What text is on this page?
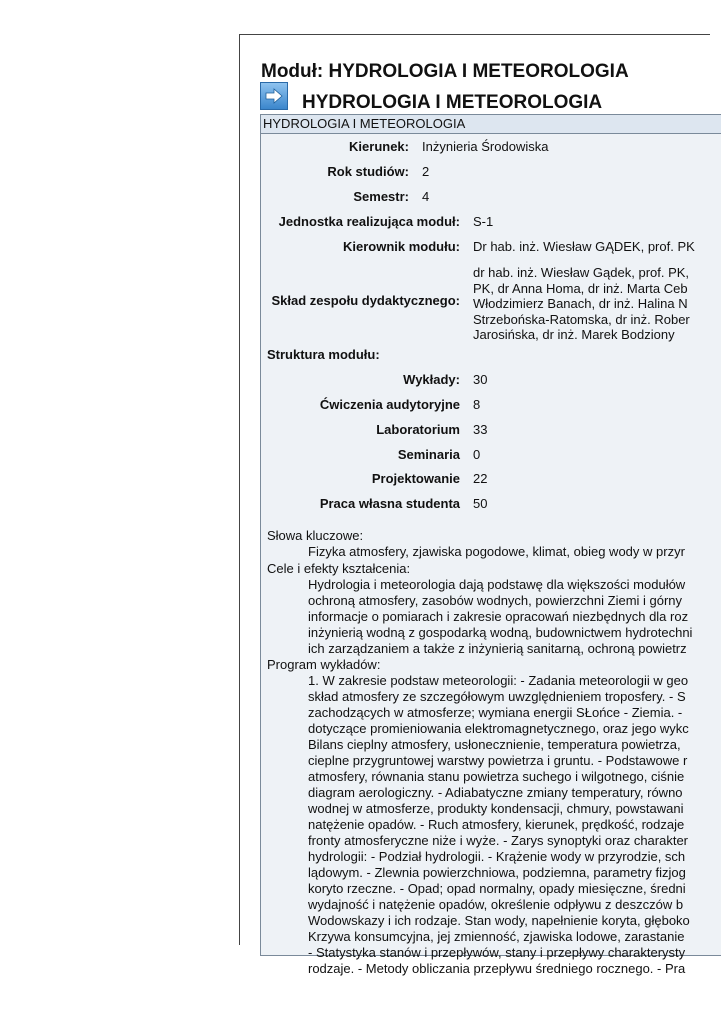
Moduł: HYDROLOGIA I METEOROLOGIA
HYDROLOGIA I METEOROLOGIA
HYDROLOGIA I METEOROLOGIA
Kierunek: Inżynieria Środowiska
Rok studiów: 2
Semestr: 4
Jednostka realizująca moduł: S-1
Kierownik modułu: Dr hab. inż. Wiesław GĄDEK, prof. PK
Skład zespołu dydaktycznego:
dr hab. inż. Wiesław Gądek, prof. PK,
PK, dr Anna Homa, dr inż. Marta Ceb
Włodzimierz Banach, dr inż. Halina N
Strzebońska-Ratomska, dr inż. Rober
Jarosińska, dr inż. Marek Bodziony
Struktura modułu:
Wykłady: 30
Ćwiczenia audytoryjne 8
Laboratorium 33
Seminaria 0
Projektowanie 22
Praca własna studenta 50
Słowa kluczowe:
Fizyka atmosfery, zjawiska pogodowe, klimat, obieg wody w przyr
Cele i efekty kształcenia:
Hydrologia i meteorologia dają podstawę dla większości modułów
ochroną atmosfery, zasobów wodnych, powierzchni Ziemi i górny
informacje o pomiarach i zakresie opracowań niezbędnych dla roz
inżynierią wodną z gospodarką wodną, budownictwem hydrotechni
ich zarządzaniem a także z inżynierią sanitarną, ochroną powietrz
Program wykładów:
1. W zakresie podstaw meteorologii: - Zadania meteorologii w geo
skład atmosfery ze szczegółowym uwzględnieniem troposfery. - S
zachodzących w atmosferze; wymiana energii SŁońce - Ziemia. -
dotyczące promieniowania elektromagnetycznego, oraz jego wykc
Bilans cieplny atmosfery, usłonecznienie, temperatura powietrza,
cieplne przygruntowej warstwy powietrza i gruntu. - Podstawowe r
atmosfery, równania stanu powietrza suchego i wilgotnego, ciśnie
diagram aerologiczny. - Adiabatyczne zmiany temperatury, równo
wodnej w atmosferze, produkty kondensacji, chmury, powstawani
natężenie opadów. - Ruch atmosfery, kierunek, prędkość, rodzaje
fronty atmosferyczne niże i wyże. - Zarys synoptyki oraz charakter
hydrologii: - Podział hydrologii. - Krążenie wody w przyrodzie, sch
lądowym. - Zlewnia powierzchniowa, podziemna, parametry fizjog
koryto rzeczne. - Opad; opad normalny, opady miesięczne, średni
wydajność i natężenie opadów, określenie odpływu z deszczów b
Wodowskazy i ich rodzaje. Stan wody, napełnienie koryta, głęboko
Krzywa konsumcyjna, jej zmienność, zjawiska lodowe, zarastanie
- Statystyka stanów i przepływów, stany i przepływy charakterysty
rodzaje. - Metody obliczania przepływu średniego rocznego. - Pra
